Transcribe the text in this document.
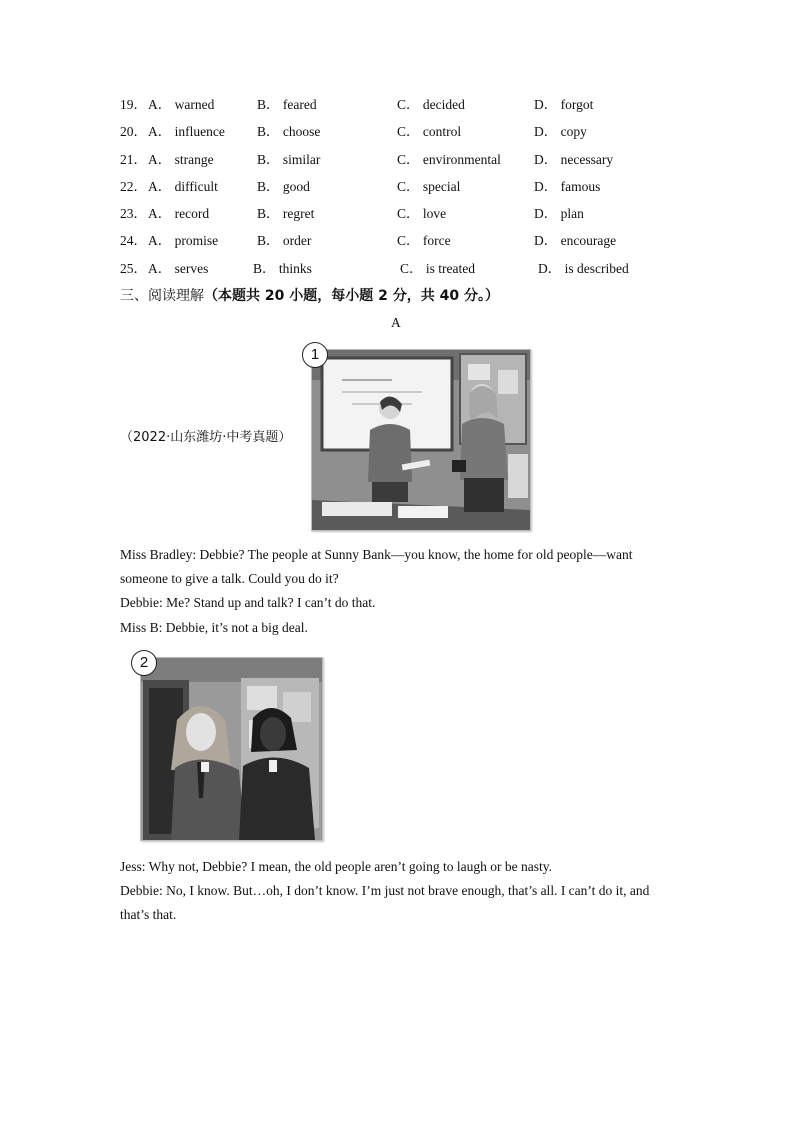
19． A． warned	B． feared	C． decided	D． forgot
20． A． influence B． choose	C． control	D． copy
21． A． strange	B． similar	C． environmental D． necessary
22． A． difficult	B． good	C． special	D． famous
23． A． record	B． regret	C． love	D． plan
24． A． promise	B． order	C． force	D． encourage
25． A． serves	B． thinks	C． is treated	D． is described
三、阅读理解（本题共 20 小题，每小题 2 分，共 40 分。）
A
（2022·山东潍坊·中考真题）
1
Miss Bradley: Debbie? The people at Sunny Bank—you know, the home for old people—want
someone to give a talk. Could you do it?
Debbie: Me? Stand up and talk? I can’t do that.
Miss B: Debbie, it’s not a big deal.
2
Jess: Why not, Debbie? I mean, the old people aren’t going to laugh or be nasty.
Debbie: No, I know. But…oh, I don’t know. I’m just not brave enough, that’s all. I can’t do it, and
that’s that.
